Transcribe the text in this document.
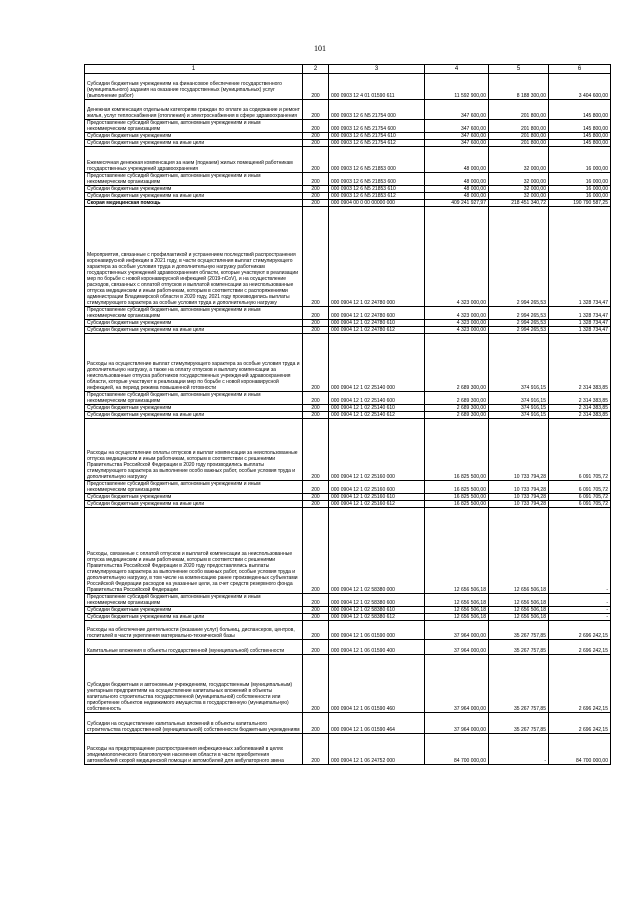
101
1	2	3	4	5	6
Субсидии бюджетным учреждениям на финансовое обеспечение государственного (муниципального) задания на оказание государственных (муниципальных) услуг (выполнение работ)	200	000 0903 12 4 01 01590 611	11 592 900,00	8 188 300,00	3 404 600,00
Денежная компенсация отдельным категориям граждан по оплате за содержание и ремонт жилья, услуг теплоснабжения (отопления) и электроснабжения в сфере здравоохранения	200	000 0903 12 6 N5 21754 000	347 600,00	201 800,00	145 800,00
Предоставление субсидий бюджетным, автономным учреждениям и иным некоммерческим организациям	200	000 0903 12 6 N5 21754 600	347 600,00	201 800,00	145 800,00
Субсидии бюджетным учреждениям	200	000 0903 12 6 N5 21754 610	347 600,00	201 800,00	145 800,00
Субсидии бюджетным учреждениям на иные цели	200	000 0903 12 6 N5 21754 612	347 600,00	201 800,00	145 800,00
Ежемесячная денежная компенсация за наем (поднаем) жилых помещений работникам государственных учреждений здравоохранения	200	000 0903 12 6 N5 21853 000	48 000,00	32 000,00	16 000,00
Предоставление субсидий бюджетным, автономным учреждениям и иным некоммерческим организациям	200	000 0903 12 6 N5 21853 600	48 000,00	32 000,00	16 000,00
Субсидии бюджетным учреждениям	200	000 0903 12 6 N5 21853 610	48 000,00	32 000,00	16 000,00
Субсидии бюджетным учреждениям на иные цели	200	000 0903 12 6 N5 21853 612	48 000,00	32 000,00	16 000,00
Скорая медицинская помощь	200	000 0904 00 0 00 00000 000	409 241 927,97	218 451 340,72	190 790 587,25
Мероприятия, связанные с профилактикой и устранением последствий распространения коронавирусной инфекции в 2021 году, в части осуществления выплат стимулирующего характера за особые условия труда и дополнительную нагрузку работникам государственных учреждений здравоохранения области, которые участвуют в реализации мер по борьбе с новой коронавирусной инфекцией (2019-nCoV), и на осуществление расходов, связанных с оплатой отпусков и выплатой компенсации за неиспользованные отпуска медицинским и иным работникам, которым в соответствии с распоряжениями администрации Владимирской области в 2020 году, 2021 году производились выплаты стимулирующего характера за особые условия труда и дополнительную нагрузку	200	000 0904 12 1 02 24780 000	4 323 000,00	2 994 265,53	1 328 734,47
Предоставление субсидий бюджетным, автономным учреждениям и иным некоммерческим организациям	200	000 0904 12 1 02 24780 600	4 323 000,00	2 994 265,53	1 328 734,47
Субсидии бюджетным учреждениям	200	000 0904 12 1 02 24780 610	4 323 000,00	2 994 265,53	1 328 734,47
Субсидии бюджетным учреждениям на иные цели	200	000 0904 12 1 02 24780 612	4 323 000,00	2 994 265,53	1 328 734,47
Расходы на осуществление выплат стимулирующего характера за особые условия труда и дополнительную нагрузку, а также на оплату отпусков и выплату компенсации за неиспользованные отпуска работников государственных учреждений здравоохранения области, которые участвуют в реализации мер по борьбе с новой коронавирусной инфекцией, на период режима повышенной готовности	200	000 0904 12 1 02 25140 000	2 689 300,00	374 916,15	2 314 383,85
Предоставление субсидий бюджетным, автономным учреждениям и иным некоммерческим организациям	200	000 0904 12 1 02 25140 600	2 689 300,00	374 916,15	2 314 383,85
Субсидии бюджетным учреждениям	200	000 0904 12 1 02 25140 610	2 689 300,00	374 916,15	2 314 383,85
Субсидии бюджетным учреждениям на иные цели	200	000 0904 12 1 02 25140 612	2 689 300,00	374 916,15	2 314 383,85
Расходы на осуществление оплаты отпусков и выплат компенсации за неиспользованные отпуска медицинским и иным работникам, которым в соответствии с решениями Правительства Российской Федерации в 2020 году производились выплаты стимулирующего характера за выполнение особо важных работ, особые условия труда и дополнительную нагрузку	200	000 0904 12 1 02 25160 000	16 825 500,00	10 733 794,28	6 091 705,72
Предоставление субсидий бюджетным, автономным учреждениям и иным некоммерческим организациям	200	000 0904 12 1 02 25160 600	16 825 500,00	10 733 794,28	6 091 705,72
Субсидии бюджетным учреждениям	200	000 0904 12 1 02 25160 610	16 825 500,00	10 733 794,28	6 091 705,72
Субсидии бюджетным учреждениям на иные цели	200	000 0904 12 1 02 25160 612	16 825 500,00	10 733 794,28	6 091 705,72
Расходы, связанные с оплатой отпусков и выплатой компенсации за неиспользованные отпуска медицинским и иным работникам, которым в соответствии с решениями Правительства Российской Федерации в 2020 году предоставлялись выплаты стимулирующего характера за выполнение особо важных работ, особые условия труда и дополнительную нагрузку, в том числе на компенсацию ранее произведенных субъектами Российской Федерации расходов на указанные цели, за счет средств резервного фонда Правительства Российской Федерации	200	000 0904 12 1 02 58380 000	12 656 506,18	12 656 506,18	-
Предоставление субсидий бюджетным, автономным учреждениям и иным некоммерческим организациям	200	000 0904 12 1 02 58380 600	12 656 506,18	12 656 506,18	-
Субсидии бюджетным учреждениям	200	000 0904 12 1 02 58380 610	12 656 506,18	12 656 506,18	-
Субсидии бюджетным учреждениям на иные цели	200	000 0904 12 1 02 58380 612	12 656 506,18	12 656 506,18	-
Расходы на обеспечение деятельности (оказание услуг) больниц, диспансеров, центров, госпиталей в части укрепления материально-технической базы	200	000 0904 12 1 06 01590 000	37 964 000,00	35 267 757,85	2 696 242,15
Капитальные вложения в объекты государственной (муниципальной) собственности	200	000 0904 12 1 06 01590 400	37 964 000,00	35 267 757,85	2 696 242,15
Субсидии бюджетным и автономным учреждениям, государственным (муниципальным) унитарным предприятиям на осуществление капитальных вложений в объекты капитального строительства государственной (муниципальной) собственности или приобретение объектов недвижимого имущества в государственную (муниципальную) собственность	200	000 0904 12 1 06 01590 460	37 964 000,00	35 267 757,85	2 696 242,15
Субсидии на осуществление капитальных вложений в объекты капитального строительства государственной (муниципальной) собственности бюджетным учреждениям	200	000 0904 12 1 06 01590 464	37 964 000,00	35 267 757,85	2 696 242,15
Расходы на предотвращение распространения инфекционных заболеваний в целях эпидемиологического благополучия населения области в части приобретения автомобилей скорой медицинской помощи и автомобилей для амбулаторного звена	200	000 0904 12 1 06 24752 000	84 700 000,00	-	84 700 000,00
